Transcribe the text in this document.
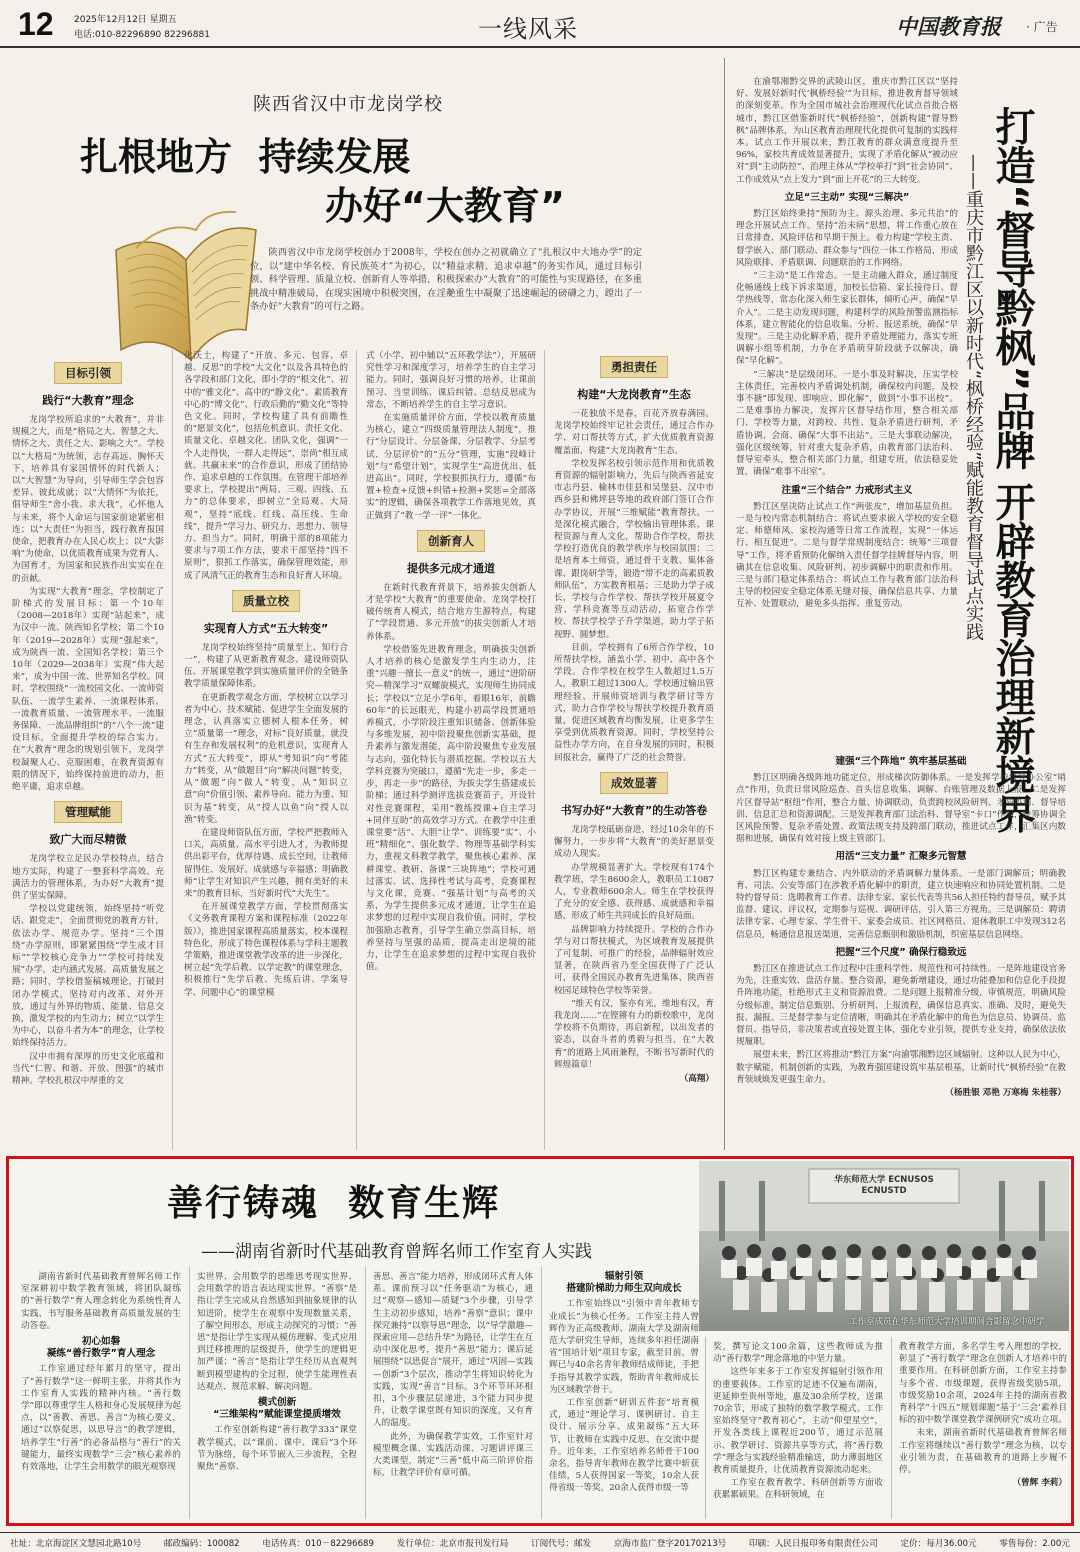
12 2025年12月12日 星期五
电话:010-82296890 82296881	一线风采	中国教育报 · 广告
陕西省汉中市龙岗学校
扎根地方  持续发展
办好“大教育”

陕西省汉中市龙岗学校创办于2008年，学校在创办之初就确立了“扎根汉中大地办学”的定位，以“建中华名校、育民族英才”为初心，以“精益求精、追求卓越”的务实作风，通过目标引领、科学管理、质量立校、创新育人等举措，积极探索办“大教育”的可能性与实现路径，在多重挑战中精准破局，在现实困境中积极突围，在淫艴重生中凝聚了迅速崛起的磅礴之力，蹚出了一条办好“大教育”的可行之路。

目标引领
践行“大教育”理念

龙岗学校所追求的“大教育”，并非规模之大，而是“格局之大、智慧之大、情怀之大、责任之大、影响之大”。学校以“大格局”为统领，志存高远、胸怀天下，培养具有家国情怀的时代新人；以“大智慧”为导向，引导师生学会包容差异、彼此成就；以“大情怀”为依托，倡导师生“舍小我、求大我”，心怀他人与未来，将个人命运与国家前途紧密相连；以“大责任”为担当，践行教育报国使命，把教育办在人民心坎上；以“大影响”为使命，以优质教育成果为党育人、为国育才，为国家和民族作出实实在在的贡献。

为实现“大教育”理念，学校制定了阶梯式的发展目标：第一个10年（2008—2018年）实现“站起来”，成为汉中一流、陕西知名学校；第二个10年（2019—2028年）实现“强起来”，成为陕西一流、全国知名学校；第三个10年（2029—2038年）实现“伟大起来”，成为中国一流、世界知名学校。同时，学校围绕“一流校园文化、一流师资队伍、一流学生素养、一流课程体系、一流教育质量、一流管理水平、一流服务保障、一流品牌组织”的“八个一流”建设目标，全面提升学校的综合实力。在“大教育”理念的规划引领下，龙岗学校凝聚人心、克服困难，在教育资源有限的情况下，始终保持前进的动力，拒绝平庸，追求卓越。

管理赋能
致广大而尽精微

龙岗学校立足民办学校特点，结合地方实际，构建了一整套科学高效、充满活力的管理体系，为办好“大教育”提供了坚实保障。

学校以党建统领，始终坚持“听党话、跟党走”，全面贯彻党的教育方针，依法办学、规范办学。坚持“三个围绕”办学原则，即紧紧围绕“学生成才目标”“学校核心竞争力”“学校可持续发展”办学，走内涵式发展、高质量发展之路；同时，学校借鉴稿城理论，打破封闭办学模式，坚持对内改革、对外开放，通过与外界的物质、能量、信息交换，激发学校的内生动力；树立“以学生为中心，以奋斗者为本”的理念，让学校始终保持活力。

汉中市拥有深厚的历史文化底蕴和当代“仁智、和谐、开放、图强”的城市精神。学校扎根汉中厚重的文

化沃土，构建了“开放、多元、包容、卓越、反思”的学校“大文化”以及各具特色的各学段和部门文化，即小学的“根文化”、初中的“雅文化”、高中的“静文化”、素质教育中心的“博文化”、行政后勤的“勤文化”等特色文化。同时，学校构建了具有前瞻性的“愿景文化”，包括危机意识、责任文化、质量文化、卓越文化、团队文化，强调“一个人走得快，一群人走得远”，崇尚“相互成就、共赢未来”的合作意识，形成了团结协作、追求卓越的工作氛围。在管理干部培养要求上，学校提出“两局、三观、四线、五力”的总体要求，即树立“全局观、大局观”，坚持“底线、红线、高压线、生命线”，提升“学习力、研究力、思想力、领导力、担当力”。同时，明确干部的8项能力要求与7项工作方法，要求干部坚持“四不原则”，狠抓工作落实，确保管理效能，形成了风清气正的教育生态和良好育人环境。

质量立校
实现育人方式“五大转变”

龙岗学校始终坚持“质量至上、知行合一”，构建了从更新教育观念、建设师资队伍、开展课堂教学到实施质量评价的全链条教学质量保障体系。

在更新教学观念方面，学校树立以学习者为中心、技术赋能、促进学生全面发展的理念，认真落实立德树人根本任务，树立“质量第一”理念，对标“良好质量，就没有生存和发展权利”的危机意识，实现育人方式“五大转变”，即从“考知识”向“考能力”转变，从“做题目”向“解决问题”转变，从“做题”向“做人”转变，从“知识立意”向“价值引领、素养导向、能力为重、知识为基”转变，从“授人以鱼”向“授人以渔”转变。

在建设师资队伍方面，学校严把教师入口关，高质量、高水平引进人才，为教师提供出彩平台，优厚待遇、成长空间，让教师留得住、发展好。成就感与幸福感；明确教师“让学生对知识产生兴趣，拥有美好的未来”的教育目标，当好新时代“大先生”。

在开展课堂教学方面，学校贯彻落实《义务教育课程方案和课程标准（2022年版）》，推进国家课程高质量落实，校本课程特色化，形成了特色课程体系与学科主题教学策略，推进课堂教学改革的进一步深化，树立起“先学后教、以学定教”的课堂理念，积极推行“先学后教、先练后讲、学案导学、问题中心”的课堂模

式（小学、初中辅以“五环教学法”），开展研究性学习和深度学习，培养学生的自主学习能力。同时，强调良好习惯的培养，让课前预习、当堂训练、课后纠错、总结反思成为常态，不断培养学生的自主学习意识。

在实施质量评价方面，学校以教育质量为核心，建立“四级质量管理法人制度”，推行“分层设计、分层备课、分层教学、分层考试、分层评价”的“五分”管理，实施“段峰计划”与“希望计划”，实现学生“高进优出、低进高出”。同时，学校狠抓执行力，遵循“布置+检查+反馈+纠错+检测+奖惩=全部落实”的逻辑，确保各项教学工作落地见效，真正做到了“教一学一评”一体化。

创新育人
提供多元成才通道

在新时代教育背景下，培养拔尖创新人才是学校“大教育”的重要使命。龙岗学校打破传统育人模式，结合地方生源特点，构建了“学段贯通、多元开放”的拔尖创新人才培养体系。

学校借鉴先进教育理念，明确拔尖创新人才培养的核心是激发学生内生动力，注重“兴趣一擅长一意义”的统一，通过“进阶研究—精深学习”双螺旋模式，实现师生协同成长；学校以“立足小学6年，着眼16年，前瞻60年”的长远眼光，构建小初高学段贯通培养模式，小学阶段注重知识储备、创新体验与多维发展，初中阶段聚焦创新实基础，提升素养与激发潜能，高中阶段聚焦专业发展与志向，强化特长与潜质挖掘。学校以五大学科竞赛为突破口，遵循“先走一步，多走一步，再走一步”的路径，为拔尖学生搭建成长阶梯；通过科学测评选拔竞赛苗子，开设针对性竞赛课程，采用“教练授课+自主学习+同伴互助”的高效学习方式。在教学中注重课堂要“活”、大胆“让学”、训练要“实”、小班“精细化”、强化数学、物理等基础学科实力，重视文科教学教学，聚焦核心素养、深耕课堂、教研、备课“三块阵地”；学校可通过落实、试、选择性考试与高考，竞赛课程与文化课，竞赛、“强基计划”与高考的关系，为学生提供多元成才通道，让学生在追求梦想的过程中实现自我价值。同时，学校加强励志教育，引导学生确立崇高目标，培养坚持与坚强的品质，提高走出逆境的能力，让学生在追求梦想的过程中实现自我价值。

勇担责任
构建“大龙岗教育”生态

一花独放不是春，百花齐放春满园。龙岗学校始终牢记社会责任，通过合作办学、对口帮扶等方式，扩大优质教育资源覆盖面，构建“大龙岗教育”生态。

学校发挥名校引领示范作用和优质教育资源的辐射影响力，先后与陕西省延安市志丹县、榆林市佳县和吴堡县、汉中市西乡县和佛坪县等地的政府部门签订合作办学协议，开展“三维赋能”教育帮扶。一是深化模式融合，学校输出管理体系、课程资源与育人文化，帮助合作学校，帮扶学校打造优良的教学秩序与校园氛围；二是培育本土师资，通过骨干支教、集体备课、跟岗研学等，锻造“带不走的高素质教师队伍”，方实教育根基；三是助力学子成长，学校与合作学校、帮扶学校开展夏令营、学科竞赛等互动活动，拓宽合作学校、帮扶学校学子升学渠道，助力学子拓视野、圆梦想。

目前，学校拥有了6所合作学校，10所帮扶学校，涵盖小学、初中、高中各个学段。合作学校在校学生人数超过1.5万人，教职工超过1300人。学校通过输出管理经验、开展师资培训与教学研讨等方式，助力合作学校与帮扶学校提升教育质量，促进区域教育均衡发展，让更多学生享受到优质教育资源。同时，学校坚持公益性办学方向，在自身发展的同时，积极回报社会，赢得了广泛的社会赞誉。

成效显著
书写办好“大教育”的生动答卷

龙岗学校砥砺奋进，经过10余年的不懈努力，一步步将“大教育”的美好愿景变成动人现实。

办学规模显著扩大。学校现有174个教学班，学生8600余人，教职员工1087人，专业教师600余人。师生在学校获得了充分的安全感、获得感、成就感和幸福感，形成了师生共同成长的良好局面。

品牌影响力持续提升。学校的合作办学与对口帮扶模式，为区域教育发展提供了可复制、可推广的经验，品牌辐射效应显著，在陕西省乃至全国获得了广泛认可，获得全国民办教育先进集体、陕西省校园足球特色学校等荣誉。

“维天有汉，鉴亦有光，维地有汉，育我龙岗……”在铿锵有力的新校歌中，龙岗学校将不负期待，再启新程，以出发者的姿态，以奋斗者的勇毅与担当，在“大教育”的道路上风雨兼程，不断书写新时代的辉煌篇章！

（高翔）
打造“督导黔枫”品牌 开辟教育治理新境界
——重庆市黔江区以新时代“枫桥经验”赋能教育督导试点实践

在渝鄂湘黔交界的武陵山区，重庆市黔江区以“坚持好、发展好新时代‘枫桥经验’”为目标，推进教育督导领域的深刻变革。作为全国市城社会治理现代化试点首批合格城市，黔江区借鉴新时代“枫桥经验”，创新构建“督导黔枫”品牌体系，为山区教育治理现代化提供可复制的实践样本。试点工作开展以来，黔江教育的群众满意度提升至96%，家校共育成效显著提升，实现了矛盾化解从“被动应对”到“主动防控”、治理主体从“学校单打”到“社会协同”、工作成效从“点上发力”到“面上开花”的三大转变。

立足“三主动” 实现“三解决”

黔江区始终秉持“预防为主、源头治理、多元共治”的理念开展试点工作。坚持“治未病”思想，将工作重心放在日常排查、风险评估和早期干预上。着力构建“学校主责、督学嵌入、部门联动、群众参与”四位一体工作格局，形成风险联排、矛盾联调、问题联治的工作网络。

“三主动”是工作常态。一是主动融入群众，通过制度化畅通线上线下诉求渠道，加校长信箱、家长接待日、督学热线等，常态化深入师生家长群体，倾听心声，确保“早介入”。二是主动发现问题，构建科学的风险预警监测指标体系，建立智能化的信息收集、分析、报送系统，确保“早发现”。三是主动化解矛盾，提升矛盾处理能力，落实专班调解小组等机制，力争在矛盾萌芽阶段就予以解决，确保“早化解”。

“三解决”是层级闭环。一是小事及时解决，压实学校主体责任，完善校内矛盾调处机制，确保校内问题，及校事不搪“即发现、即响应、即化解”，做到“小事不出校”。二是难事协力解决，发挥片区督导结作用，整合相关部门、学校等力量，对跨校、共性、复杂矛盾进行研判，矛盾协调、会商、确保“大事不出站”。三是大事联动解决，强化区级统筹，针对重大复杂矛盾，由教育部门法治科、督导室牵头，整合相关部门力量，组建专班，依法稳妥处置，确保“难事不出室”。

注重“三个结合” 力戒形式主义

黔江区坚决防止试点工作“两张皮”，增加基层负担。一是与校内常态机制结合：将试点要求嵌入学校的安全稳定、师德师风、家校沟通等日常工作流程，实现“一体运行、相互促进”。二是与督学常规制度结合：统筹“三项督导”工作，将矛盾预防化解纳入责任督学挂牌督导内容，明确其在信息收集、风险研判、初步调解中的职责和作用。三是与部门稳定体系结合：将试点工作与教育部门法治科主导的校园安全稳定体系无缝对接，确保信息共享、力量互补、处置联动，避免多头指挥、重复劳动。

建强“三个阵地” 筑牢基层基础

黔江区明确各级阵地功能定位，形成梯次防御体系。一是发挥学校督导办公室“哨点”作用，负责日常风险巡查、首头信息收集、调解、台账管理及数据上报。二是发挥片区督导站“枢纽”作用，整合力量、协调联动，负责跨校风险研判、矛盾协调、督导培训、信息汇总和资源调配。三是发挥教育部门法治科、督导室“卡口”作用，统筹协调全区风险预警、复杂矛盾处置、政策法规支持及跨部门联动，推进试点工作，汇集区内数据和进展，确保有效对接上级主管部门。

用活“三支力量” 汇聚多元智慧

黔江区构建专兼结合、内外联动的矛盾调解力量体系。一是部门调解员；明确教育、司法、公安等部门在涉教矛盾化解中的职责，建立快速响应和协同处置机制。二是特约督导员：选聘教育工作者、法律专家、家长代表等共56人担任特约督导员，赋予其监督、建议、评议权，定期参与巡视、调研评估，引入第三方视角。三是调解员：聘请法律专家、心理专家、学生骨干、家委会成员、社区网格员、退休教职工中发现312名信息员，畅通信息报送渠道，完善信息甄别和激励机制，织密基层信息网络。

把握“三个尺度” 确保行稳致远

黔江区在推进试点工作过程中注重科学性、规范性和可持续性。一是阵地建设官务为先，注重实效、盘活存量、整合资源，避免新增建设，通过功能叠加和信息化手段提升阵地功能，杜绝形式主义和资源浪费。二是问题上报精准分级，审慎规范，明确风险分级标准，制定信息甄别、分析研判、上报流程，确保信息真实、准确、及时，避免失报、漏报。三是督学参与定位清晰，明确其在矛盾化解中的角色为信息员、协调员、监督员、指导员，非决策者或直接处置主体，强化专业引领，提供专业支持，确保依法依规履职。

展望未来，黔江区将推动“黔江方案”向渝鄂湘黔边区域辐射。这种以人民为中心，数字赋能，机制创新的实践，为教育强国建设筑牢基层根基，让新时代“枫桥经验”在教育领域焕发更强生命力。

（杨胜银 邓艳 万寒梅 朱桂蓉）
善行铸魂  数育生辉
——湖南省新时代基础教育曾辉名师工作室育人实践
华东师范大学 ECNUSOS ECNUSTD
工作室成员在华东师范大学培训期间合影留念中研学

湖南省新时代基础教育曾辉名师工作室深耕初中数学教育领域，将团队凝练的“善行数学”育人理念转化为系统性育人实践，书写服务基础教育高质量发展的生动答卷。

初心如磐
凝练“善行数学”育人理念

工作室通过经年累月的坚守，提出了“善行数学”这一鲜明主张，并将其作为工作室育人实践的精神内核。“善行数学”即以尊重学生人格和身心发展规律为起点，以“善教、善思、善言”为核心要义，通过“以察促思，以思导言”的教学逻辑，培养学生“行善”的必备品格与“善行”的关键能力，最终实现数学“三会”核心素养的有效落地，让学生会用数学的眼光观察现

实世界、会用数学的思维思考现实世界、会用数学的语言表达现实世界。“善察”是指让学生完成从自然感知到抽象规律的认知进阶，使学生在观察中发现数量关系，了解空间形态，形成主动探究的习惯；“善思”是指让学生实现从模仿理解、变式应用到迁移推理的层级提升，使学生的逻辑更加严谨；“善言”是指让学生经历从直观判断到模型建构的全过程，使学生能理性表达观点、规范求解、解决问题。

模式创新
“三维架构”赋能课堂提质增效

工作室创新构建“善行教学333”课堂教学模式，以“课前、课中、课后”3个环节为脉络，每个环节嵌入三步流程，全程聚焦“善察、

善思、善言”能力培养，形成闭环式育人体系。课前预习以“任务驱动”为核心，通过“观察—感知—质疑”3个步骤，引导学生主动初步感知，培养“善察”意识；课中探究兼持“以察导思”理念，以“导学激趣—探索应用—总结升华”为路径，让学生在互动中深化思考，提升“善思”能力；课后延展围绕“以思促言”展开，通过“巩固—实践—创新”3个层次，推动学生将知识转化为实践，实现“善言”目标。3个环节环环相扣，3个步骤层层递进，3个能力同步提升，让数学课堂既有知识的深度，又有育人的温度。

此外，为确保教学实效，工作室针对模型概念课、实践活动课、习题讲评课三大类课型，制定“三善”低中高三阶评价指标，让教学评价有章可循。

辐射引领
搭建阶梯助力师生双向成长

工作室始终以“引领中青年教师专业成长”为核心任务。工作室主持人曾辉作为正高级教师、湖南大学及湖南师范大学研究生导师，连续多年担任湖南省“国培计划”项目专家，截至目前，曾辉已与40余名青年教师结成师徒，手把手指导其教学实践，帮助青年教师成长为区域教学骨干。

工作室创新“研训五件套”培育模式，通过“理论学习、课例研讨、自主设计、展示分享、成果凝练”五大环节，让教师在实践中反思、在交流中提升。近年来，工作室培养名师骨干100余名，指导青年教师在教学比赛中斩获佳绩，5人获得国家一等奖，10余人获得省级一等奖，20余人获得市级一等

奖，撰写论文100余篇，这些教师成为推动“善行数学”理念落地的中坚力量。

这些年来多于工作室发挥辐射引领作用的重要载体。工作室的足迹不仅遍布湖南，更延伸至贵州等地，惠及30余所学校，送课70余节，形成了独特的数学教学模式。工作室始终坚守“教育初心”，主动“仰望星空”，开发各类线上课程近200节，通过示范展示、教学研讨、资源共享等方式，将“善行数学”理念与实践经验精准输送，助力薄弱地区教育质量提升，让优质教育资源流动起来。

工作室在教育教学、科研创新等方面收获累累硕果。在科研领域，在

教育教学方面，多名学生考入理想的学校，彰显了“善行数学”理念在创新人才培养中的重要作用。在科研创新方面，工作室主持参与多个省、市级课题，获得省级奖励5项，市级奖励10余项，2024年主持的湖南省教育科学“十四五”规划课题“基于‘三会’素养目标的初中数学课堂教学课例研究”成功立项。

未来，湖南省新时代基础教育曾辉名师工作室将继续以“善行数学”理念为核，以专业引领为责，在基础教育的道路上步履不停。

（曾辉 李莉）
社址：北京海淀区文慧园北路10号	邮政编码：100082	电话传真：010－82296689	发行单位：北京市报刊发行局	订阅代号：邮发	京海市监广登字20170213号	印刷：人民日报印务有限责任公司	定价：每月36.00元	零售每份：2.00元
